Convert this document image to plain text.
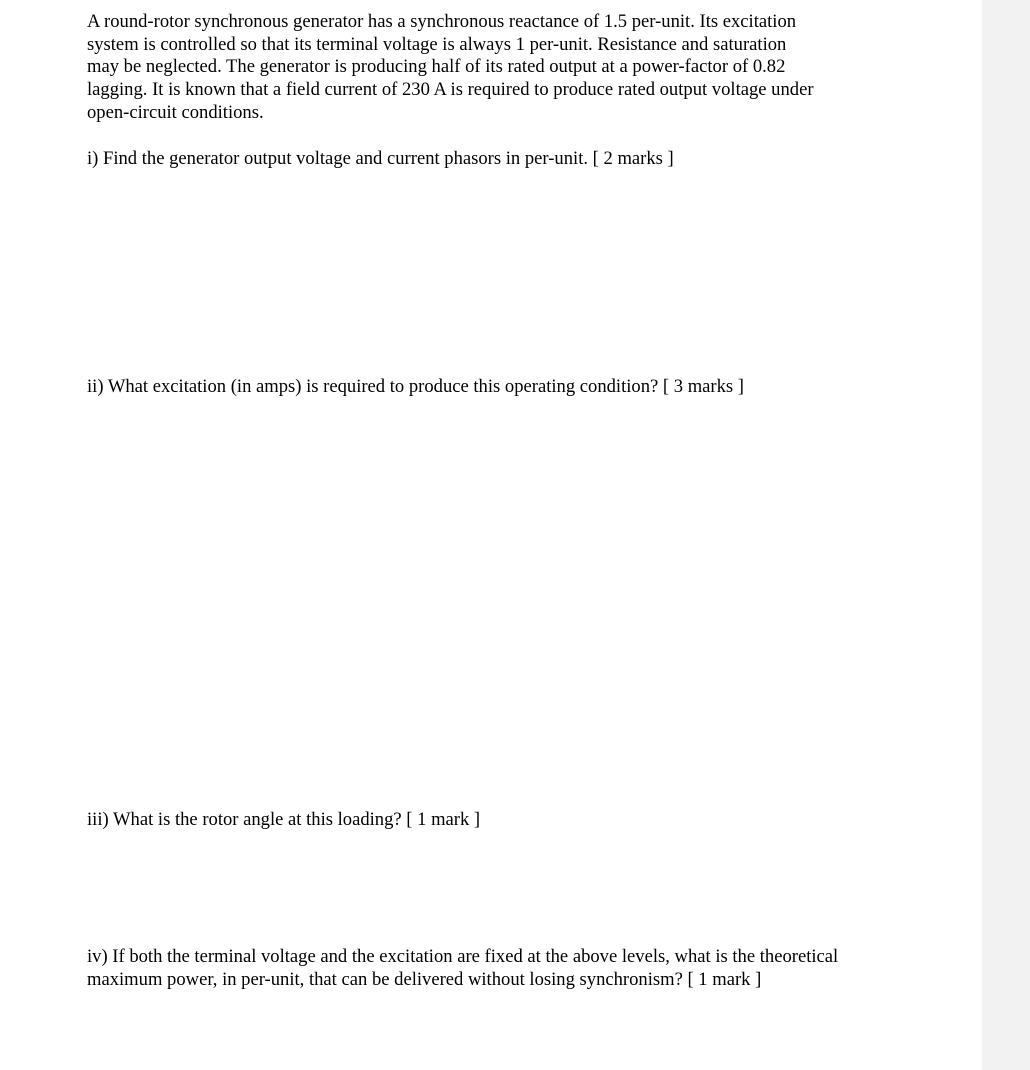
A round-rotor synchronous generator has a synchronous reactance of 1.5 per-unit. Its excitation
system is controlled so that its terminal voltage is always 1 per-unit. Resistance and saturation
may be neglected. The generator is producing half of its rated output at a power-factor of 0.82
lagging. It is known that a field current of 230 A is required to produce rated output voltage under
open-circuit conditions.

i) Find the generator output voltage and current phasors in per-unit. [ 2 marks ]

ii) What excitation (in amps) is required to produce this operating condition? [ 3 marks ]

iii) What is the rotor angle at this loading? [ 1 mark ]

iv) If both the terminal voltage and the excitation are fixed at the above levels, what is the theoretical
maximum power, in per-unit, that can be delivered without losing synchronism? [ 1 mark ]
